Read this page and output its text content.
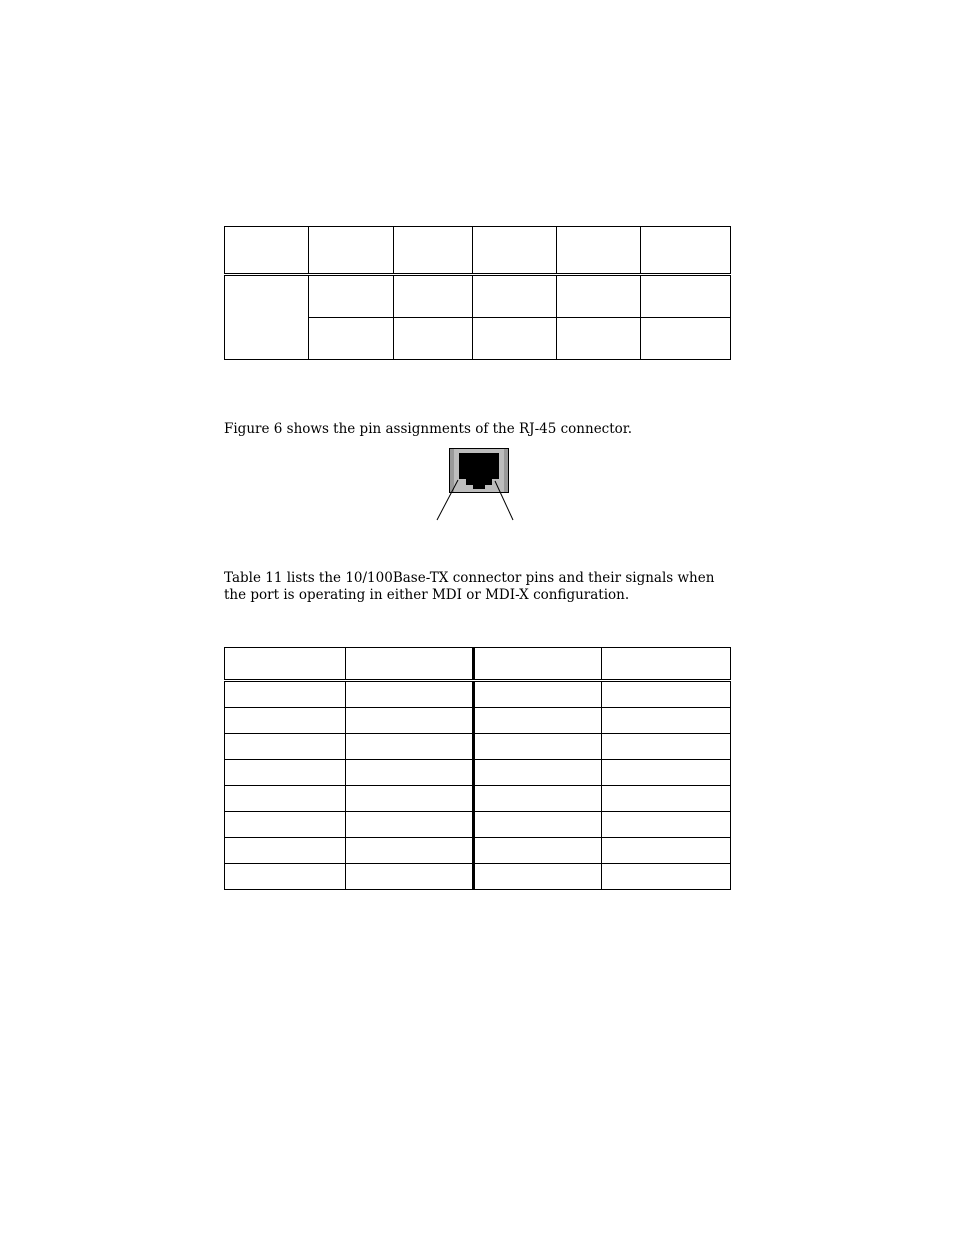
Figure 6 shows the pin assignments of the RJ-45 connector.
Table 11 lists the 10/100Base-TX connector pins and their signals when the port is operating in either MDI or MDI-X configuration.
